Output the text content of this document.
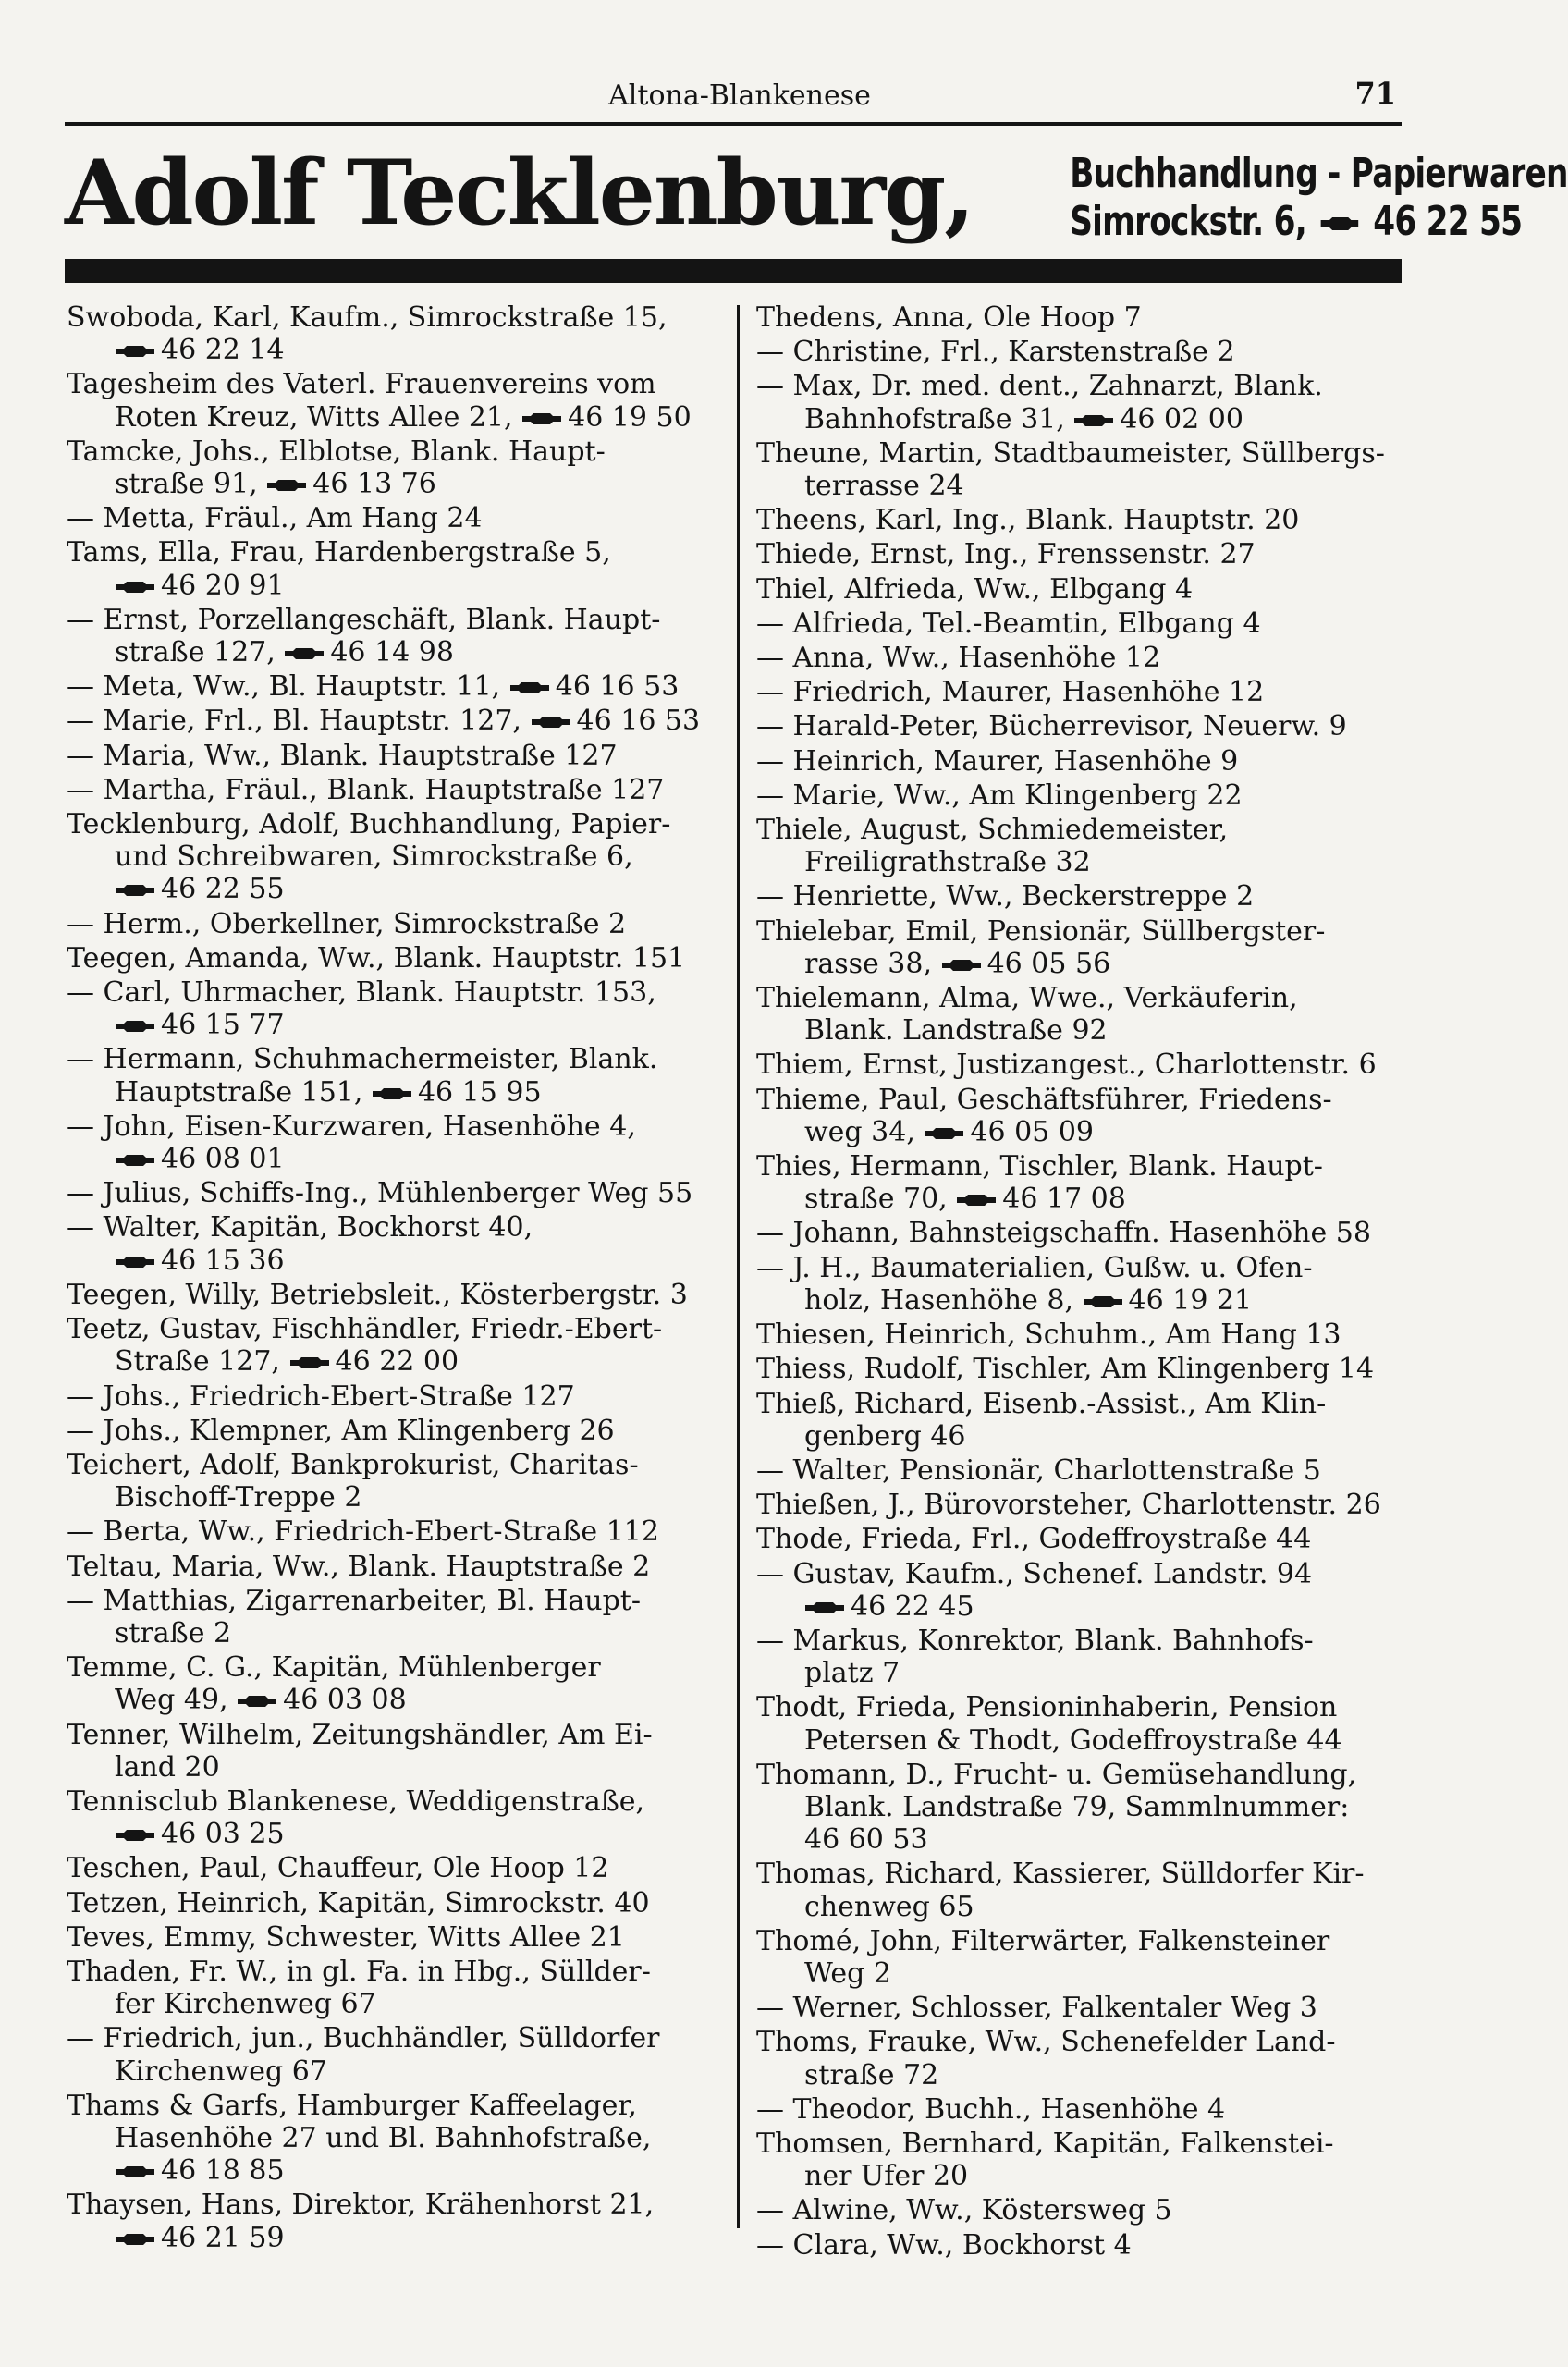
Altona-Blankenese	71
Adolf Tecklenburg, Buchhandlung - Papierwaren
Simrockstr. 6, 46 22 55
Swoboda, Karl, Kaufm., Simrockstraße 15,
46 22 14
Tagesheim des Vaterl. Frauenvereins vom
Roten Kreuz, Witts Allee 21,
46 19 50
Tamcke, Johs., Elblotse, Blank. Haupt-
straße 91,
46 13 76
— Metta, Fräul., Am Hang 24
Tams, Ella, Frau, Hardenbergstraße 5,
46 20 91
— Ernst, Porzellangeschäft, Blank. Haupt-
straße 127,
46 14 98
— Meta, Ww., Bl. Hauptstr. 11,
46 16 53
— Marie, Frl., Bl. Hauptstr. 127,
46 16 53
— Maria, Ww., Blank. Hauptstraße 127
— Martha, Fräul., Blank. Hauptstraße 127
Tecklenburg, Adolf, Buchhandlung, Papier-
und Schreibwaren, Simrockstraße 6,
46 22 55
— Herm., Oberkellner, Simrockstraße 2
Teegen, Amanda, Ww., Blank. Hauptstr. 151
— Carl, Uhrmacher, Blank. Hauptstr. 153,
46 15 77
— Hermann, Schuhmachermeister, Blank.
Hauptstraße 151,
46 15 95
— John, Eisen-Kurzwaren, Hasenhöhe 4,
46 08 01
— Julius, Schiffs-Ing., Mühlenberger Weg 55
— Walter, Kapitän, Bockhorst 40,
46 15 36
Teegen, Willy, Betriebsleit., Kösterbergstr. 3
Teetz, Gustav, Fischhändler, Friedr.-Ebert-
Straße 127,
46 22 00
— Johs., Friedrich-Ebert-Straße 127
— Johs., Klempner, Am Klingenberg 26
Teichert, Adolf, Bankprokurist, Charitas-
Bischoff-Treppe 2
— Berta, Ww., Friedrich-Ebert-Straße 112
Teltau, Maria, Ww., Blank. Hauptstraße 2
— Matthias, Zigarrenarbeiter, Bl. Haupt-
straße 2
Temme, C. G., Kapitän, Mühlenberger
Weg 49,
46 03 08
Tenner, Wilhelm, Zeitungshändler, Am Ei-
land 20
Tennisclub Blankenese, Weddigenstraße,
46 03 25
Teschen, Paul, Chauffeur, Ole Hoop 12
Tetzen, Heinrich, Kapitän, Simrockstr. 40
Teves, Emmy, Schwester, Witts Allee 21
Thaden, Fr. W., in gl. Fa. in Hbg., Süllder-
fer Kirchenweg 67
— Friedrich, jun., Buchhändler, Sülldorfer
Kirchenweg 67
Thams & Garfs, Hamburger Kaffeelager,
Hasenhöhe 27 und Bl. Bahnhofstraße,
46 18 85
Thaysen, Hans, Direktor, Krähenhorst 21,
46 21 59
Thedens, Anna, Ole Hoop 7
— Christine, Frl., Karstenstraße 2
— Max, Dr. med. dent., Zahnarzt, Blank.
Bahnhofstraße 31,
46 02 00
Theune, Martin, Stadtbaumeister, Süllbergs-
terrasse 24
Theens, Karl, Ing., Blank. Hauptstr. 20
Thiede, Ernst, Ing., Frenssenstr. 27
Thiel, Alfrieda, Ww., Elbgang 4
— Alfrieda, Tel.-Beamtin, Elbgang 4
— Anna, Ww., Hasenhöhe 12
— Friedrich, Maurer, Hasenhöhe 12
— Harald-Peter, Bücherrevisor, Neuerw. 9
— Heinrich, Maurer, Hasenhöhe 9
— Marie, Ww., Am Klingenberg 22
Thiele, August, Schmiedemeister,
Freiligrathstraße 32
— Henriette, Ww., Beckerstreppe 2
Thielebar, Emil, Pensionär, Süllbergster-
rasse 38,
46 05 56
Thielemann, Alma, Wwe., Verkäuferin,
Blank. Landstraße 92
Thiem, Ernst, Justizangest., Charlottenstr. 6
Thieme, Paul, Geschäftsführer, Friedens-
weg 34,
46 05 09
Thies, Hermann, Tischler, Blank. Haupt-
straße 70,
46 17 08
— Johann, Bahnsteigschaffn. Hasenhöhe 58
— J. H., Baumaterialien, Gußw. u. Ofen-
holz, Hasenhöhe 8,
46 19 21
Thiesen, Heinrich, Schuhm., Am Hang 13
Thiess, Rudolf, Tischler, Am Klingenberg 14
Thieß, Richard, Eisenb.-Assist., Am Klin-
genberg 46
— Walter, Pensionär, Charlottenstraße 5
Thießen, J., Bürovorsteher, Charlottenstr. 26
Thode, Frieda, Frl., Godeffroystraße 44
— Gustav, Kaufm., Schenef. Landstr. 94
46 22 45
— Markus, Konrektor, Blank. Bahnhofs-
platz 7
Thodt, Frieda, Pensioninhaberin, Pension
Petersen & Thodt, Godeffroystraße 44
Thomann, D., Frucht- u. Gemüsehandlung,
Blank. Landstraße 79, Sammlnummer:
46 60 53
Thomas, Richard, Kassierer, Sülldorfer Kir-
chenweg 65
Thomé, John, Filterwärter, Falkensteiner
Weg 2
— Werner, Schlosser, Falkentaler Weg 3
Thoms, Frauke, Ww., Schenefelder Land-
straße 72
— Theodor, Buchh., Hasenhöhe 4
Thomsen, Bernhard, Kapitän, Falkenstei-
ner Ufer 20
— Alwine, Ww., Köstersweg 5
— Clara, Ww., Bockhorst 4
